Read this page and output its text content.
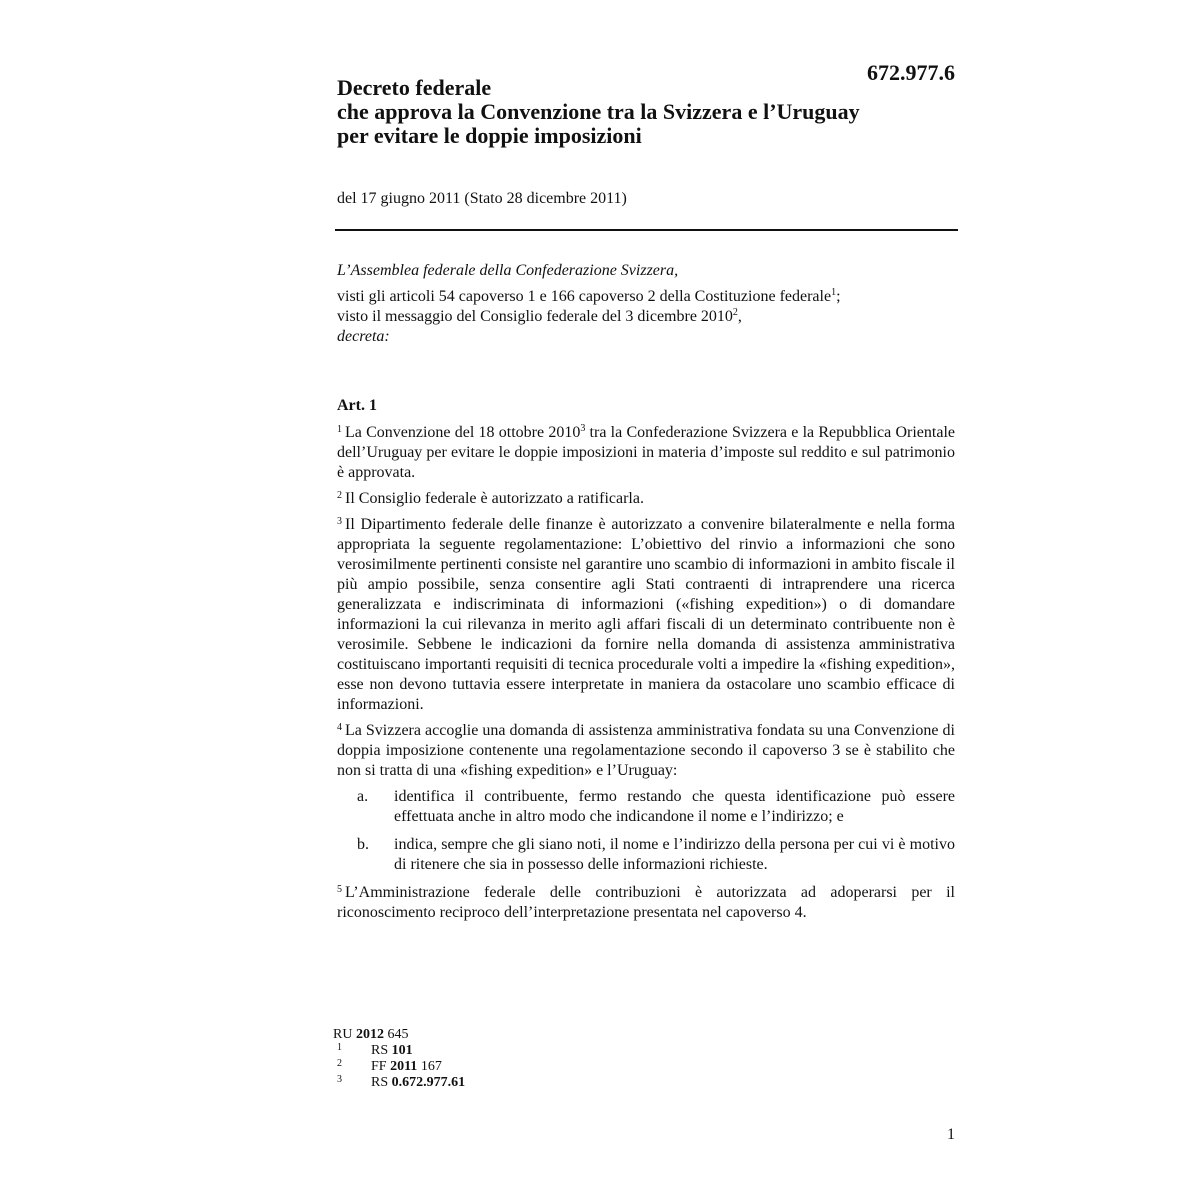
672.977.6
Decreto federale
che approva la Convenzione tra la Svizzera e l’Uruguay
per evitare le doppie imposizioni
del 17 giugno 2011 (Stato 28 dicembre 2011)
L’Assemblea federale della Confederazione Svizzera,
visti gli articoli 54 capoverso 1 e 166 capoverso 2 della Costituzione federale$^1$;
visto il messaggio del Consiglio federale del 3 dicembre 2010$^2$,
decreta:
Art. 1

$^1$ La Convenzione del 18 ottobre 2010$^3$ tra la Confederazione Svizzera e la Repubblica Orientale dell’Uruguay per evitare le doppie imposizioni in materia d’imposte sul reddito e sul patrimonio è approvata.

$^2$ Il Consiglio federale è autorizzato a ratificarla.

$^3$ Il Dipartimento federale delle finanze è autorizzato a convenire bilateralmente e nella forma appropriata la seguente regolamentazione: L’obiettivo del rinvio a informazioni che sono verosimilmente pertinenti consiste nel garantire uno scambio di informazioni in ambito fiscale il più ampio possibile, senza consentire agli Stati contraenti di intraprendere una ricerca generalizzata e indiscriminata di informazioni («fishing expedition») o di domandare informazioni la cui rilevanza in merito agli affari fiscali di un determinato contribuente non è verosimile. Sebbene le indicazioni da fornire nella domanda di assistenza amministrativa costituiscano importanti requisiti di tecnica procedurale volti a impedire la «fishing expedition», esse non devono tuttavia essere interpretate in maniera da ostacolare uno scambio efficace di informazioni.

$^4$ La Svizzera accoglie una domanda di assistenza amministrativa fondata su una Convenzione di doppia imposizione contenente una regolamentazione secondo il capoverso 3 se è stabilito che non si tratta di una «fishing expedition» e l’Uruguay:

a.	identifica il contribuente, fermo restando che questa identificazione può essere effettuata anche in altro modo che indicandone il nome e l’indirizzo; e
b.	indica, sempre che gli siano noti, il nome e l’indirizzo della persona per cui vi è motivo di ritenere che sia in possesso delle informazioni richieste.

$^5$ L’Amministrazione federale delle contribuzioni è autorizzata ad adoperarsi per il riconoscimento reciproco dell’interpretazione presentata nel capoverso 4.

RU 2012 645
1	RS 101
2	FF 2011 167
3	RS 0.672.977.61
1
